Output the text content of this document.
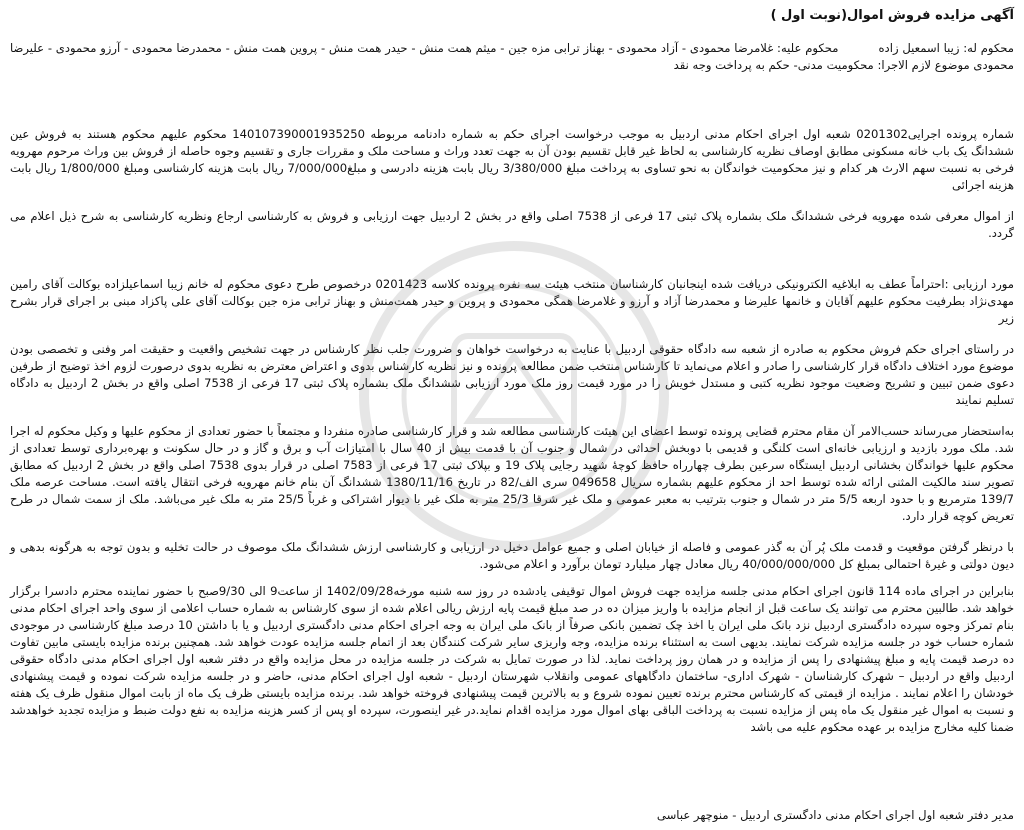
آگهی مزایده فروش اموال(نوبت اول )
محکوم له: زیبا اسمعیل زادهمحکوم علیه: غلامرضا محمودی - آزاد محمودی - بهناز ترابی مزه جین - میثم همت منش - حیدر همت منش - پروین همت منش - محمدرضا محمودی - آرزو محمودی - علیرضا محمودی موضوع لازم الاجرا: محکومیت مدنی- حکم به پرداخت وجه نقد

شماره پرونده اجرایی0201302 شعبه اول اجرای احکام مدنی اردبیل به موجب درخواست اجرای حکم به شماره دادنامه مربوطه 140107390001935250 محکوم علیهم محکوم هستند به فروش عین ششدانگ یک باب خانه مسکونی مطابق اوصاف نظریه کارشناسی به لحاظ غیر قابل تقسیم بودن آن به جهت تعدد وراث و مساحت ملک و مقررات جاری و تقسیم وجوه حاصله از فروش بین وراث مرحوم مهرویه فرخی به نسبت سهم الارث هر کدام و نیز محکومیت خواندگان به نحو تساوی به پرداخت مبلغ 3/380/000 ریال بابت هزینه دادرسی و مبلغ7/000/000 ریال بابت هزینه کارشناسی ومبلغ 1/800/000 ریال بابت هزینه اجرائی

از اموال معرفی شده مهرویه فرخی ششدانگ ملک بشماره پلاک ثبتی 17 فرعی از 7538 اصلی واقع در بخش 2 اردبیل جهت ارزیابی و فروش به کارشناسی ارجاع ونظریه کارشناسی به شرح ذیل اعلام می گردد.

مورد ارزیابی :احتراماً عطف به ابلاغیه الکترونیکی دریافت شده اینجانبان کارشناسان منتخب هیئت سه نفره پرونده کلاسه 0201423 درخصوص طرح دعوی محکوم له خانم زیبا اسماعیلزاده بوکالت آقای رامین مهدی‌نژاد بطرفیت محکوم علیهم آقایان و خانمها علیرضا و محمدرضا آزاد و آرزو و غلامرضا همگی محمودی و پروین و حیدر همت‌منش و بهناز ترابی مزه جین بوکالت آقای علی پاکزاد مبنی بر اجرای قرار بشرح زیر

در راستای اجرای حکم فروش محکوم به صادره از شعبه سه دادگاه حقوقی اردبیل با عنایت به درخواست خواهان و ضرورت جلب نظر کارشناس در جهت تشخیص واقعیت و حقیقت امر وفنی و تخصصی بودن موضوع مورد اختلاف دادگاه قرار کارشناسی را صادر و اعلام می‌نماید تا کارشناس منتخب ضمن مطالعه پرونده و نیز نظریه کارشناس بدوی و اعتراض معترض به نظریه بدوی درصورت لزوم اخذ توضیح از طرفین دعوی ضمن تبیین و تشریح وضعیت موجود نظریه کتبی و مستدل خویش را در مورد قیمت روز ملک مورد ارزیابی ششدانگ ملک بشماره پلاک ثبتی 17 فرعی از 7538 اصلی واقع در بخش 2 اردبیل به دادگاه تسلیم نمایند

به‌استحضار می‌رساند حسب‌الامر آن مقام محترم قضایی پرونده توسط اعضای این هیئت کارشناسی مطالعه شد و قرار کارشناسی صادره منفردا و مجتمعاً با حضور تعدادی از محکوم علیها و وکیل محکوم له اجرا شد. ملک مورد بازدید و ارزیابی خانه‌ای است کلنگی و قدیمی با دوبخش احداثی در شمال و جنوب آن با قدمت بیش از 40 سال با امتیازات آب و برق و گاز و در حال سکونت و بهره‌برداری توسط تعدادی از محکوم علیها خواندگان بخشانی اردبیل ایستگاه سرعین بطرف چهارراه حافظ کوچهٔ شهید رجایی پلاک 19 و بپلاک ثبتی 17 فرعی از 7583 اصلی در قرار بدوی 7538 اصلی واقع در بخش 2 اردبیل که مطابق تصویر سند مالکیت المثنی ارائه شده توسط احد از محکوم علیهم بشماره سریال 049658 سری الف/82 در تاریخ 1380/11/16 ششدانگ آن بنام خانم مهرویه فرخی انتقال یافته است. مساحت عرصه ملک 139/7 مترمربع و با حدود اربعه 5/5 متر در شمال و جنوب بترتیب به معبر عمومی و ملک غیر شرقا 25/3 متر به ملک غیر با دیوار اشتراکی و غرباً 25/5 متر به ملک غیر می‌باشد. ملک از سمت شمال در طرح تعریض کوچه قرار دارد.

با درنظر گرفتن موقعیت و قدمت ملک پُر آن به گذر عمومی و فاصله از خیابان اصلی و جمیع عوامل دخیل در ارزیابی و کارشناسی ارزش ششدانگ ملک موصوف در حالت تخلیه و بدون توجه به هرگونه بدهی و دیون دولتی و غیرهٔ احتمالی بمبلغ کل 40/000/000/000 ریال معادل چهار میلیارد تومان برآورد و اعلام می‌شود.

بنابراین در اجرای ماده 114 قانون اجرای احکام مدنی جلسه مزایده جهت فروش اموال توقیفی یادشده در روز سه شنبه مورخه1402/09/28 از ساعت9 الی 9/30صبح با حضور نماینده محترم دادسرا برگزار خواهد شد. طالبین محترم می توانند یک ساعت قبل از انجام مزایده با واریز میزان ده در صد مبلغ قیمت پایه ارزش ریالی اعلام شده از سوی کارشناس به شماره حساب اعلامی از سوی واحد اجرای احکام مدنی بنام تمرکز وجوه سپرده دادگستری اردبیل نزد بانک ملی ایران یا اخذ چک تضمین بانکی صرفاً از بانک ملی ایران به وجه اجرای احکام مدنی دادگستری اردبیل و یا با داشتن 10 درصد مبلغ کارشناسی در موجودی شماره حساب خود در جلسه مزایده شرکت نمایند. بدیهی است به استثناء برنده مزایده، وجه واریزی سایر شرکت کنندگان بعد از اتمام جلسه مزایده عودت خواهد شد. همچنین برنده مزایده بایستی مابین تفاوت ده درصد قیمت پایه و مبلغ پیشنهادی را پس از مزایده و در همان روز پرداخت نماید. لذا در صورت تمایل به شرکت در جلسه مزایده در محل مزایده واقع در دفتر شعبه اول اجرای احکام مدنی دادگاه حقوقی اردبیل واقع در اردبیل – شهرک کارشناسان - شهرک اداری- ساختمان دادگاههای عمومی وانقلاب شهرستان اردبیل - شعبه اول اجرای احکام مدنی، حاضر و در جلسه مزایده شرکت نموده و قیمت پیشنهادی خودشان را اعلام نمایند . مزایده از قیمتی که کارشناس محترم برنده تعیین نموده شروع و به بالاترین قیمت پیشنهادی فروخته خواهد شد. برنده مزایده بایستی ظرف یک ماه از بابت اموال منقول ظرف یک هفته و نسبت به اموال غیر منقول یک ماه پس از مزایده نسبت به پرداخت الباقی بهای اموال مورد مزایده اقدام نماید.در غیر اینصورت، سپرده او پس از کسر هزینه مزایده به نفع دولت ضبط و مزایده تجدید خواهدشد ضمنا کلیه مخارج مزایده بر عهده محکوم علیه می باشد

مدیر دفتر شعبه اول اجرای احکام مدنی دادگستری اردبیل - منوچهر عباسی
